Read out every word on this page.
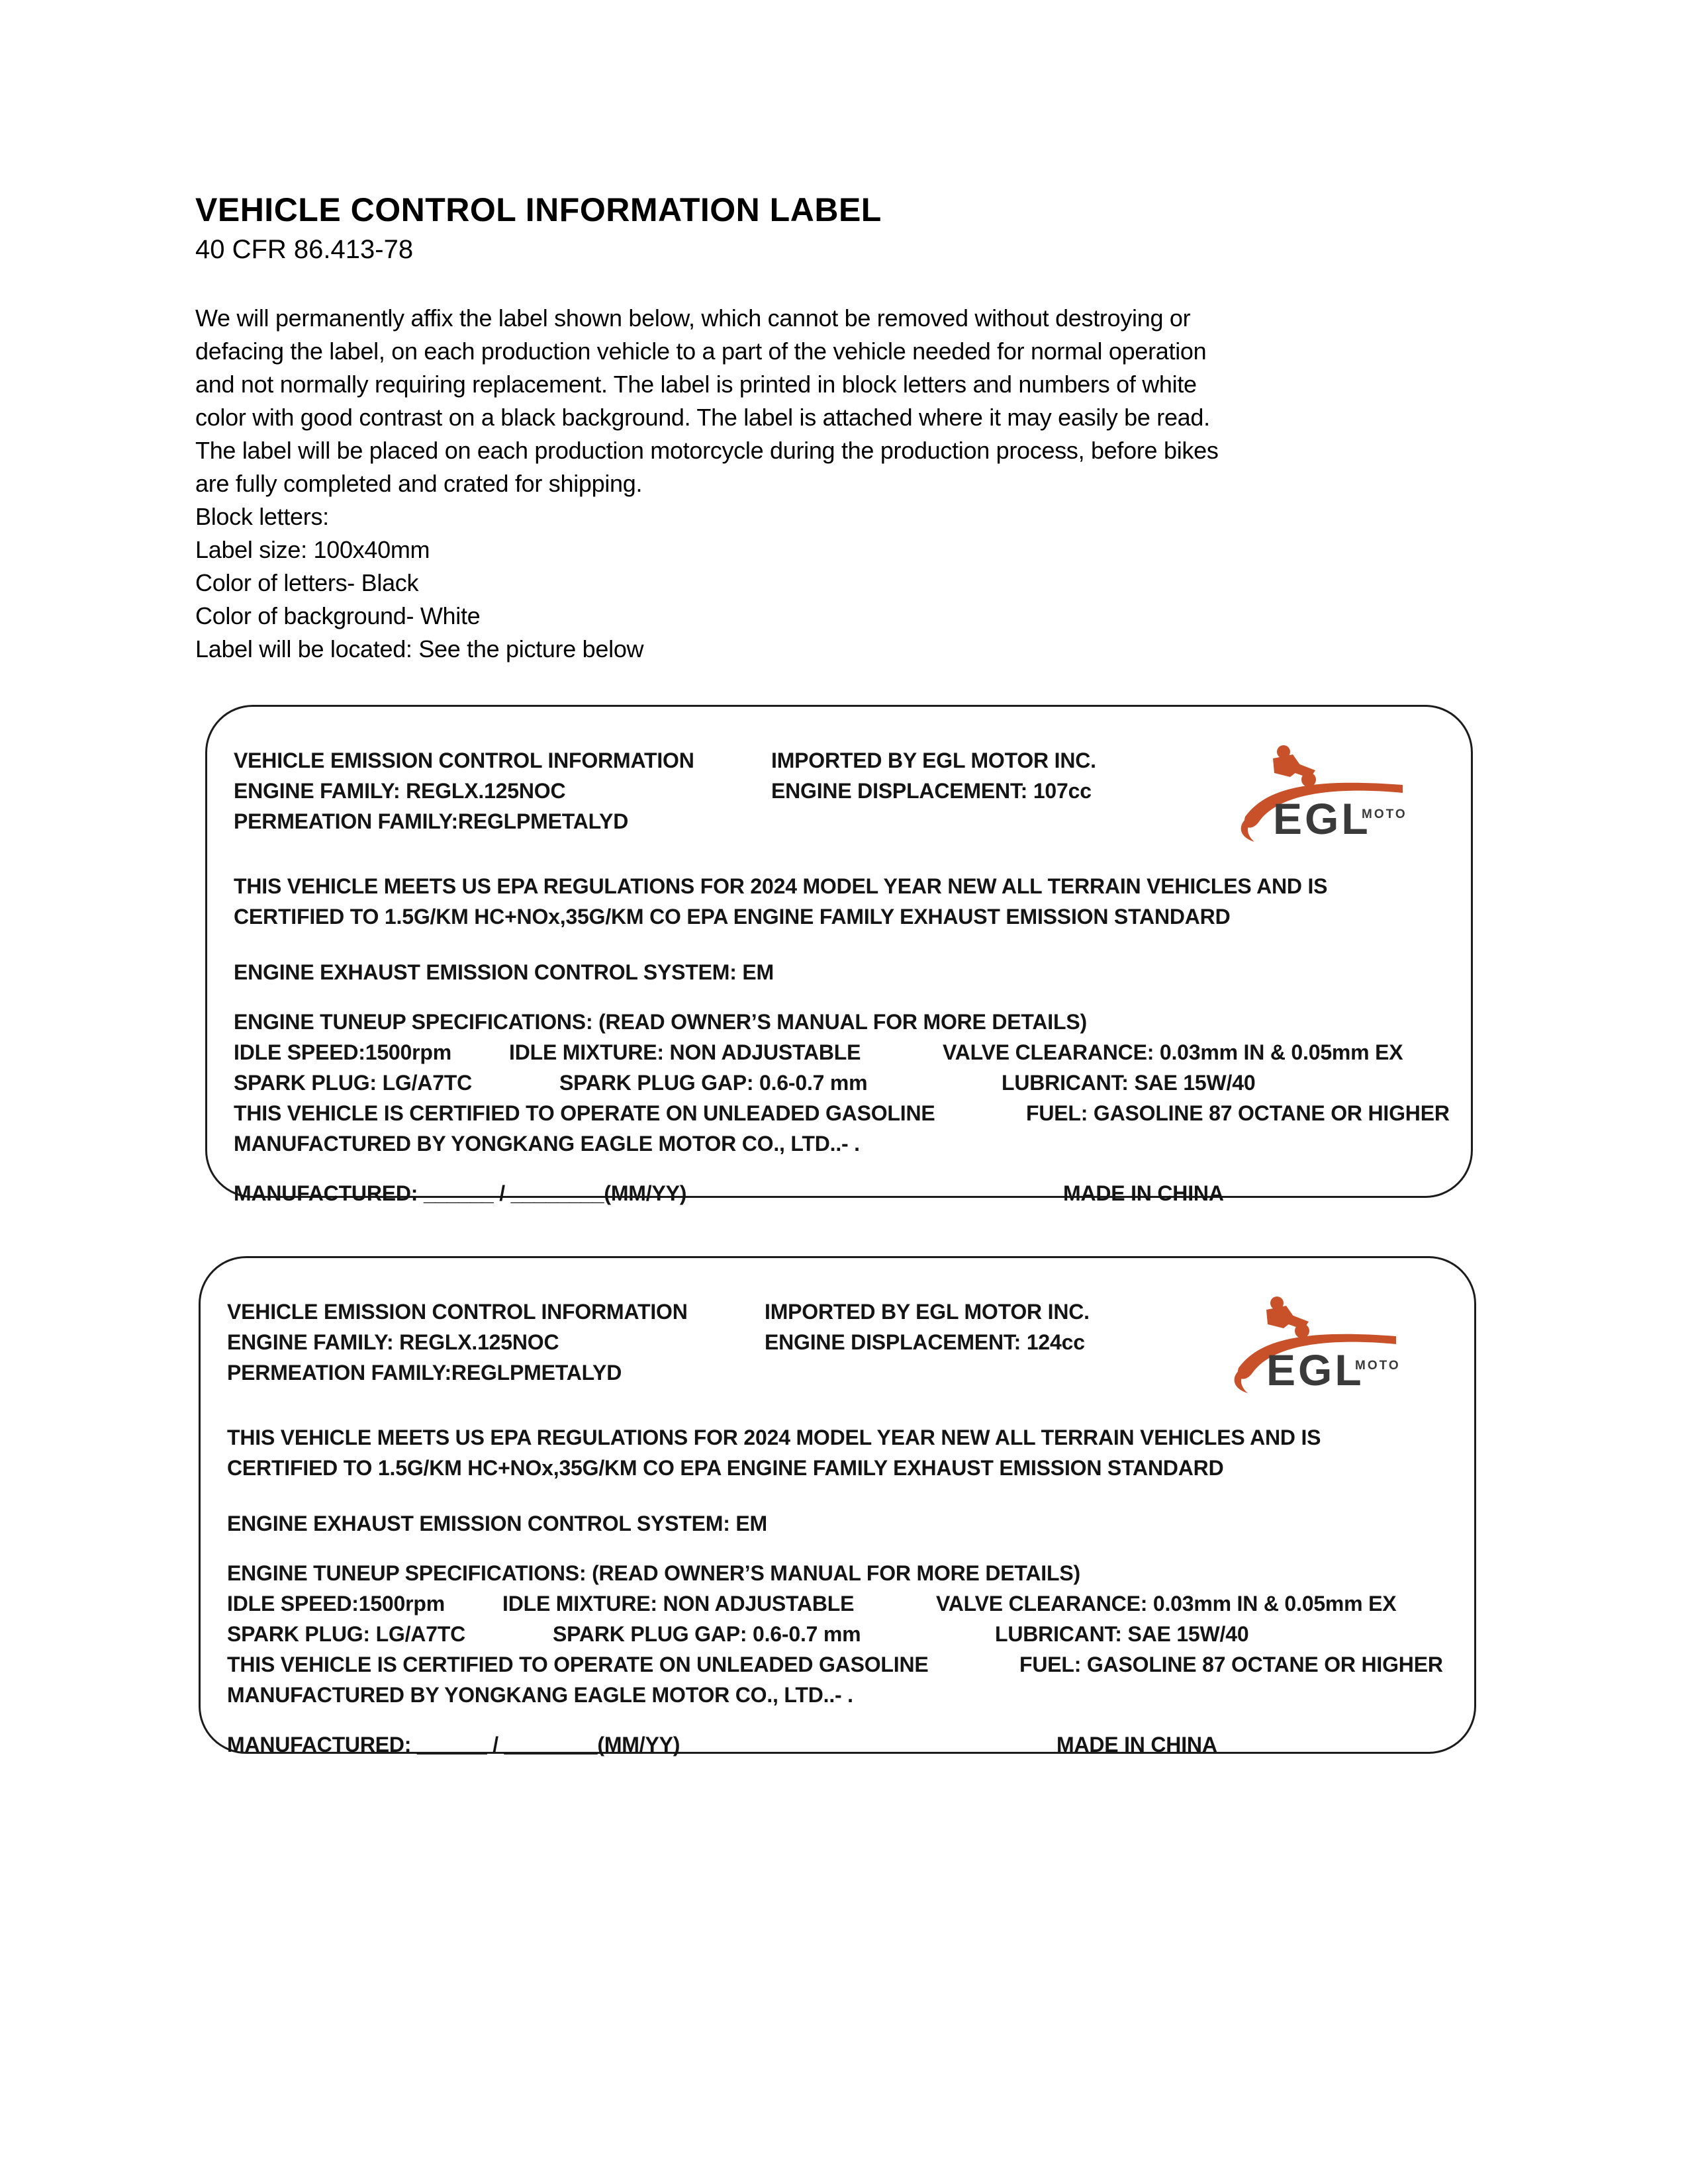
VEHICLE CONTROL INFORMATION LABEL
40 CFR 86.413-78
We will permanently affix the label shown below, which cannot be removed without destroying or
defacing the label, on each production vehicle to a part of the vehicle needed for normal operation
and not normally requiring replacement. The label is printed in block letters and numbers of white
color with good contrast on a black background. The label is attached where it may easily be read.
The label will be placed on each production motorcycle during the production process, before bikes
are fully completed and crated for shipping.
Block letters:
Label size: 100x40mm
Color of letters- Black
Color of background- White
Label will be located: See the picture below
EGL
MOTO
VEHICLE EMISSION CONTROL INFORMATION
ENGINE FAMILY: REGLX.125NOC
PERMEATION FAMILY:REGLPMETALYD
IMPORTED BY EGL MOTOR INC.
ENGINE DISPLACEMENT: 107cc
THIS VEHICLE MEETS US EPA REGULATIONS FOR 2024 MODEL YEAR NEW ALL TERRAIN VEHICLES AND IS
CERTIFIED TO 1.5G/KM HC+NOx,35G/KM CO EPA ENGINE FAMILY EXHAUST EMISSION STANDARD
ENGINE EXHAUST EMISSION CONTROL SYSTEM: EM
ENGINE TUNEUP SPECIFICATIONS: (READ OWNER’S MANUAL FOR MORE DETAILS)
IDLE SPEED:1500rpm	IDLE MIXTURE: NON ADJUSTABLE	VALVE CLEARANCE: 0.03mm IN & 0.05mm EX
SPARK PLUG: LG/A7TC	SPARK PLUG GAP: 0.6-0.7 mm	LUBRICANT: SAE 15W/40
THIS VEHICLE IS CERTIFIED TO OPERATE ON UNLEADED GASOLINE	FUEL: GASOLINE 87 OCTANE OR HIGHER
MANUFACTURED BY YONGKANG EAGLE MOTOR CO., LTD..- .
MANUFACTURED: ______ / ________(MM/YY)	MADE IN CHINA
EGL
MOTO
VEHICLE EMISSION CONTROL INFORMATION
ENGINE FAMILY: REGLX.125NOC
PERMEATION FAMILY:REGLPMETALYD
IMPORTED BY EGL MOTOR INC.
ENGINE DISPLACEMENT: 124cc
THIS VEHICLE MEETS US EPA REGULATIONS FOR 2024 MODEL YEAR NEW ALL TERRAIN VEHICLES AND IS
CERTIFIED TO 1.5G/KM HC+NOx,35G/KM CO EPA ENGINE FAMILY EXHAUST EMISSION STANDARD
ENGINE EXHAUST EMISSION CONTROL SYSTEM: EM
ENGINE TUNEUP SPECIFICATIONS: (READ OWNER’S MANUAL FOR MORE DETAILS)
IDLE SPEED:1500rpm	IDLE MIXTURE: NON ADJUSTABLE	VALVE CLEARANCE: 0.03mm IN & 0.05mm EX
SPARK PLUG: LG/A7TC	SPARK PLUG GAP: 0.6-0.7 mm	LUBRICANT: SAE 15W/40
THIS VEHICLE IS CERTIFIED TO OPERATE ON UNLEADED GASOLINE	FUEL: GASOLINE 87 OCTANE OR HIGHER
MANUFACTURED BY YONGKANG EAGLE MOTOR CO., LTD..- .
MANUFACTURED: ______ / ________(MM/YY)	MADE IN CHINA
